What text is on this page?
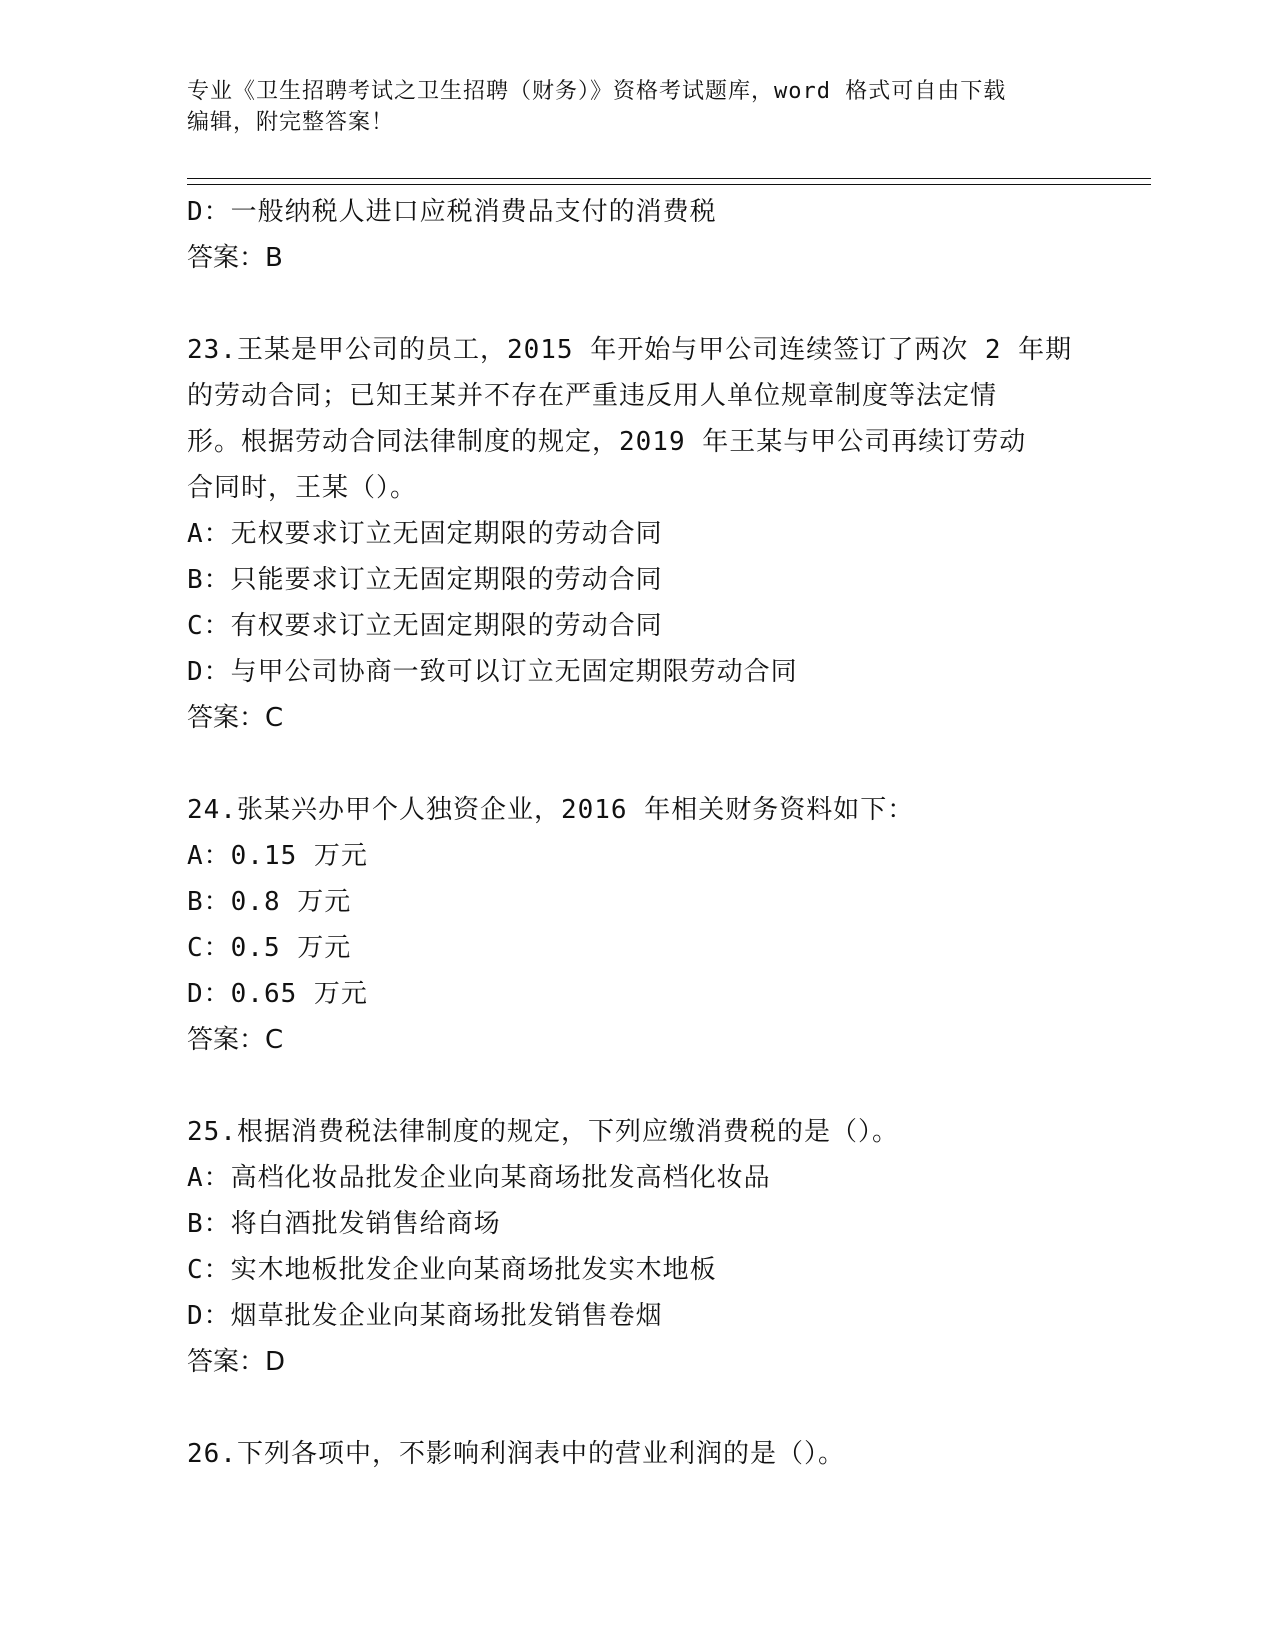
专业《卫生招聘考试之卫生招聘（财务）》资格考试题库，word 格式可自由下载
编辑，附完整答案！
D：一般纳税人进口应税消费品支付的消费税
答案：B
23.王某是甲公司的员工，2015 年开始与甲公司连续签订了两次 2 年期
的劳动合同；已知王某并不存在严重违反用人单位规章制度等法定情
形。根据劳动合同法律制度的规定，2019 年王某与甲公司再续订劳动
合同时，王某（）。
A：无权要求订立无固定期限的劳动合同
B：只能要求订立无固定期限的劳动合同
C：有权要求订立无固定期限的劳动合同
D：与甲公司协商一致可以订立无固定期限劳动合同
答案：C
24.张某兴办甲个人独资企业，2016 年相关财务资料如下：
A：0.15 万元
B：0.8 万元
C：0.5 万元
D：0.65 万元
答案：C
25.根据消费税法律制度的规定，下列应缴消费税的是（）。
A：高档化妆品批发企业向某商场批发高档化妆品
B：将白酒批发销售给商场
C：实木地板批发企业向某商场批发实木地板
D：烟草批发企业向某商场批发销售卷烟
答案：D
26.下列各项中，不影响利润表中的营业利润的是（）。
